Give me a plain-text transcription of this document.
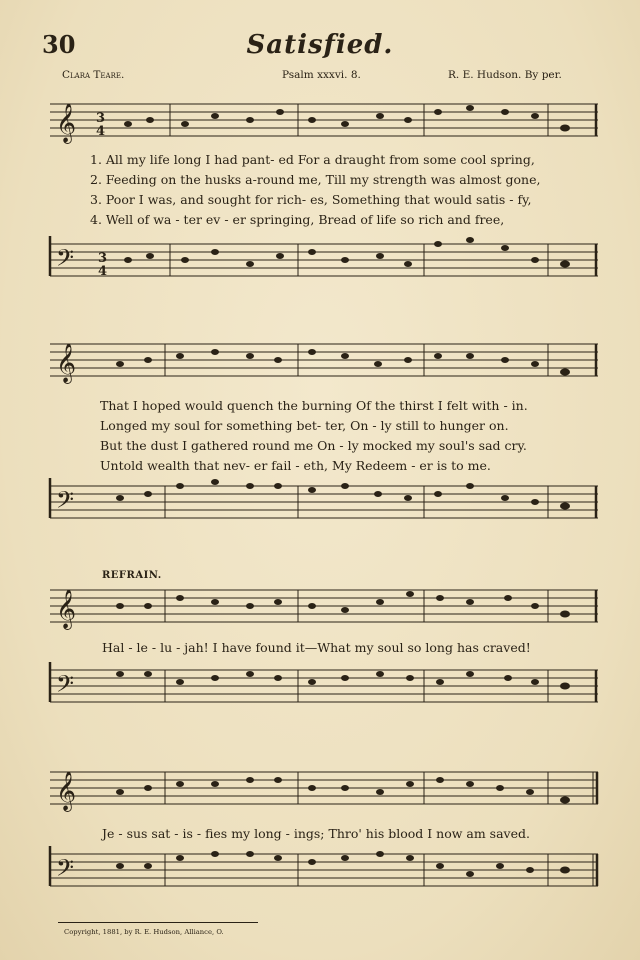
30	Satisfied.
Clara Teare.	Psalm xxxvi. 8.	R. E. Hudson. By per.
𝄞 3
4
1. All my life long I had pant- ed For a draught from some cool spring,
2. Feeding on the husks a-round me, Till my strength was almost gone,
3. Poor I was, and sought for rich- es, Something that would satis - fy,
4. Well of wa - ter ev - er springing, Bread of life so rich and free,
𝄢 3
4
𝄞
That I hoped would quench the burning Of the thirst I felt with - in.
Longed my soul for something bet- ter, On - ly still to hunger on.
But the dust I gathered round me On - ly mocked my soul's sad cry.
Untold wealth that nev- er fail - eth, My Redeem - er is to me.
𝄢
REFRAIN.
𝄞
Hal - le - lu - jah! I have found it—What my soul so long has craved!
𝄢
𝄞
Je - sus sat - is - fies my long - ings; Thro' his blood I now am saved.
𝄢
Copyright, 1881, by R. E. Hudson, Alliance, O.
